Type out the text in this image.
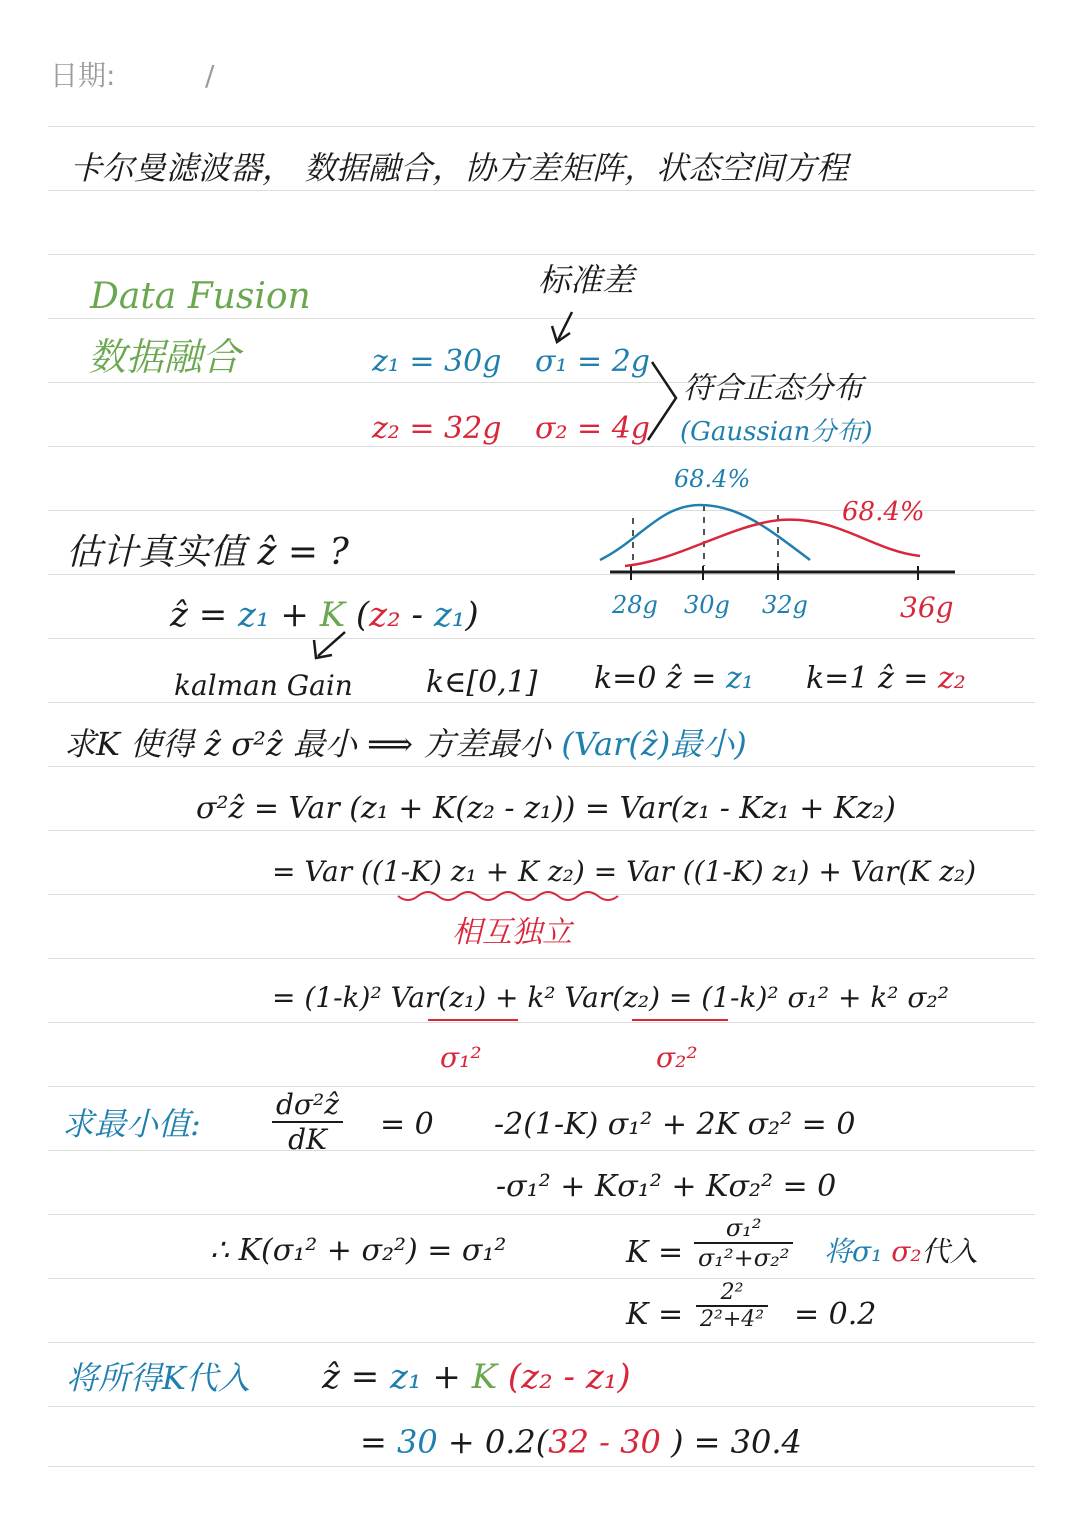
日期:	/
卡尔曼滤波器， 数据融合，协方差矩阵，状态空间方程
Data Fusion
数据融合
标准差
z₁ = 30g σ₁ = 2g
z₂ = 32g σ₂ = 4g
符合正态分布
(Gaussian分布)
68.4%
68.4%
28g 30g 32g	36g
估计真实值 ẑ = ?
ẑ = z₁ + K (z₂ - z₁)
kalman Gain k∈[0,1] k=0 ẑ = z₁ k=1 ẑ = z₂
求K 使得 ẑ σ²ẑ 最小 ⟹ 方差最小 (Var(ẑ)最小)
σ²ẑ = Var (z₁ + K(z₂ - z₁)) = Var(z₁ - Kz₁ + Kz₂)
= Var ((1-K) z₁ + K z₂) = Var ((1-K) z₁) + Var(K z₂)
相互独立
= (1-k)² Var(z₁) + k² Var(z₂) = (1-k)² σ₁² + k² σ₂²
σ₁²	σ₂²
求最小值:	$\frac{\text{dσ²ẑ}}{dK} = 0$ -2(1-K) σ₁² + 2K σ₂² = 0
-σ₁² + Kσ₁² + Kσ₂² = 0
∴ K(σ₁² + σ₂²) = σ₁²	$K = \frac{\text{σ₁²}}{\text{σ₁²+σ₂²}}$ 将σ₁ σ₂代入
$K = \frac{\text{2²}}{\text{2²+4²}} = 0.2$
将所得K代入 ẑ = z₁ + K (z₂ - z₁)
= 30 + 0.2(32 - 30 ) = 30.4
